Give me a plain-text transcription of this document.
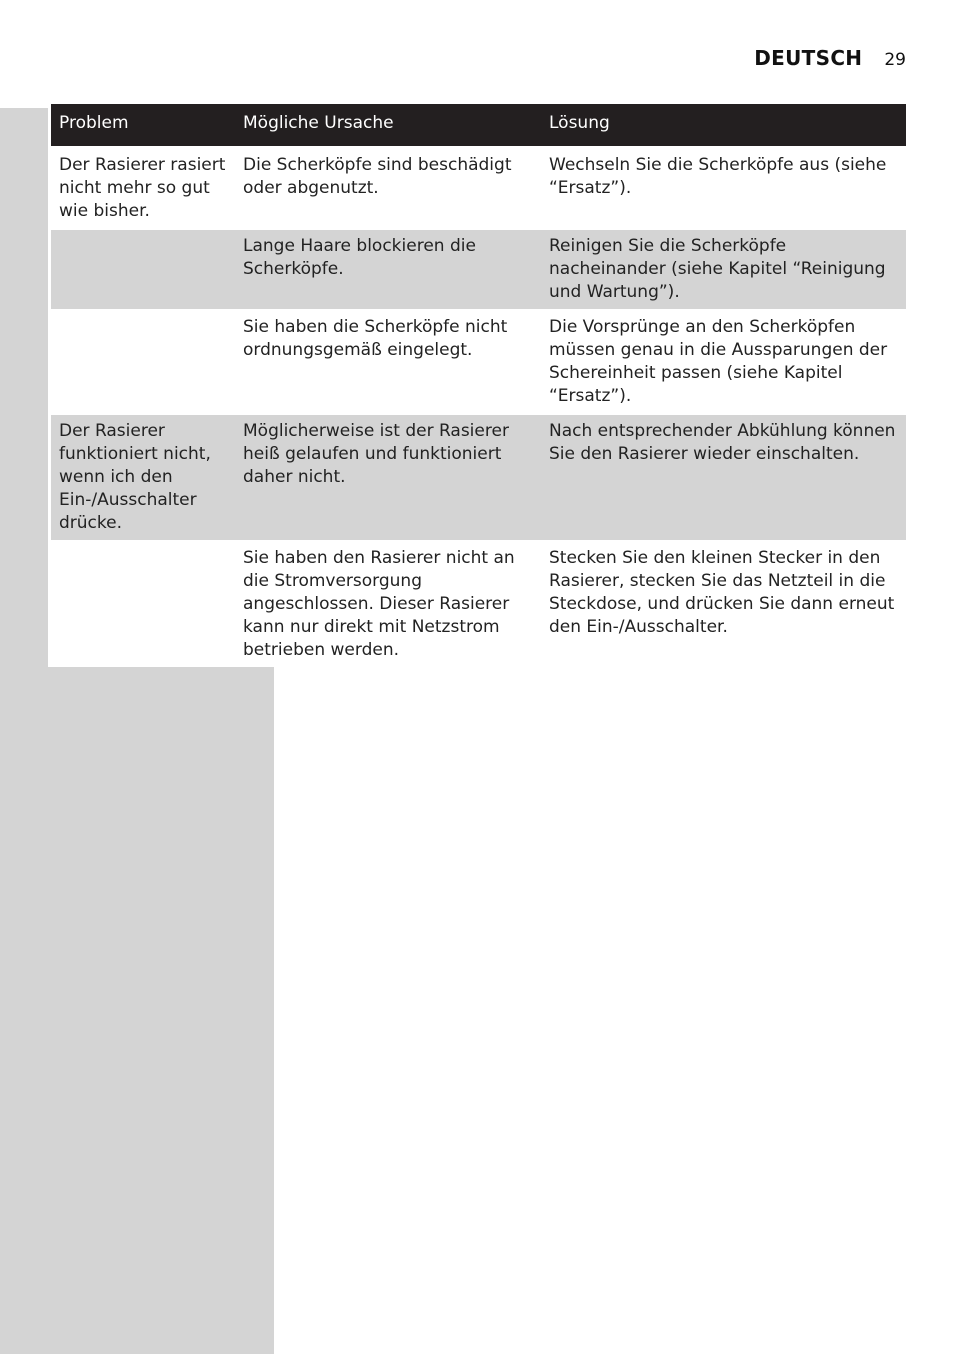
DEUTSCH 29
Problem	Mögliche Ursache	Lösung
Der Rasierer rasiert nicht mehr so gut wie bisher.	Die Scherköpfe sind beschädigt oder abgenutzt.	Wechseln Sie die Scherköpfe aus (siehe “Ersatz”).
	Lange Haare blockieren die Scherköpfe.	Reinigen Sie die Scherköpfe nacheinander (siehe Kapitel “Reinigung und Wartung”).
	Sie haben die Scherköpfe nicht ordnungsgemäß eingelegt.	Die Vorsprünge an den Scherköpfen müssen genau in die Aussparungen der Schereinheit passen (siehe Kapitel “Ersatz”).
Der Rasierer funktioniert nicht, wenn ich den Ein-/Ausschalter drücke.	Möglicherweise ist der Rasierer heiß gelaufen und funktioniert daher nicht.	Nach entsprechender Abkühlung können Sie den Rasierer wieder einschalten.
	Sie haben den Rasierer nicht an die Stromversorgung angeschlossen. Dieser Rasierer kann nur direkt mit Netzstrom betrieben werden.	Stecken Sie den kleinen Stecker in den Rasierer, stecken Sie das Netzteil in die Steckdose, und drücken Sie dann erneut den Ein-/Ausschalter.
